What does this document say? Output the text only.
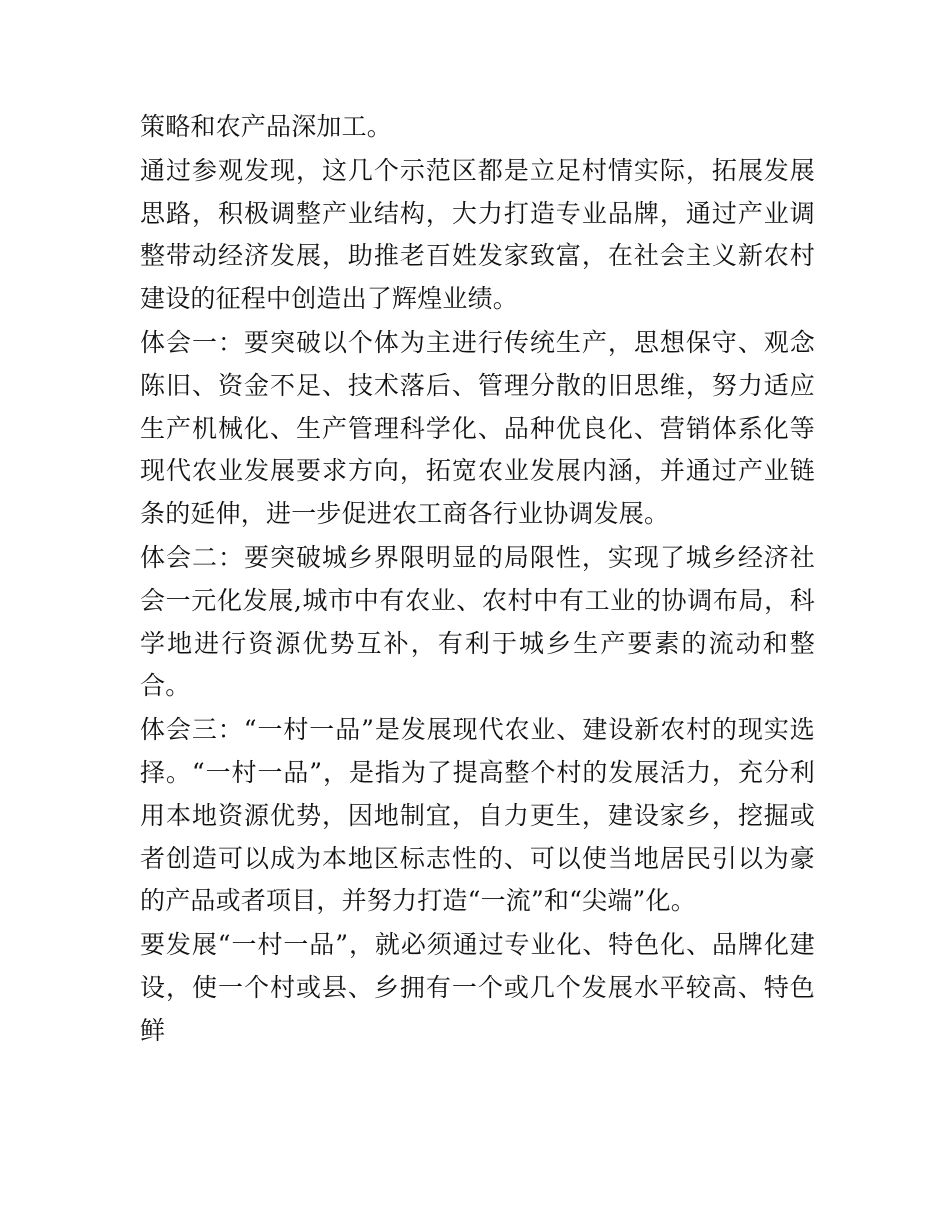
策略和农产品深加工。

通过参观发现，这几个示范区都是立足村情实际，拓展发展思路，积极调整产业结构，大力打造专业品牌，通过产业调整带动经济发展，助推老百姓发家致富，在社会主义新农村建设的征程中创造出了辉煌业绩。

体会一：要突破以个体为主进行传统生产，思想保守、观念陈旧、资金不足、技术落后、管理分散的旧思维，努力适应生产机械化、生产管理科学化、品种优良化、营销体系化等现代农业发展要求方向，拓宽农业发展内涵，并通过产业链条的延伸，进一步促进农工商各行业协调发展。

体会二：要突破城乡界限明显的局限性，实现了城乡经济社会一元化发展,城市中有农业、农村中有工业的协调布局，科学地进行资源优势互补，有利于城乡生产要素的流动和整合。

体会三：“一村一品”是发展现代农业、建设新农村的现实选择。“一村一品”，是指为了提高整个村的发展活力，充分利用本地资源优势，因地制宜，自力更生，建设家乡，挖掘或者创造可以成为本地区标志性的、可以使当地居民引以为豪的产品或者项目，并努力打造“一流”和“尖端”化。

要发展“一村一品”，就必须通过专业化、特色化、品牌化建设，使一个村或县、乡拥有一个或几个发展水平较高、特色鲜
